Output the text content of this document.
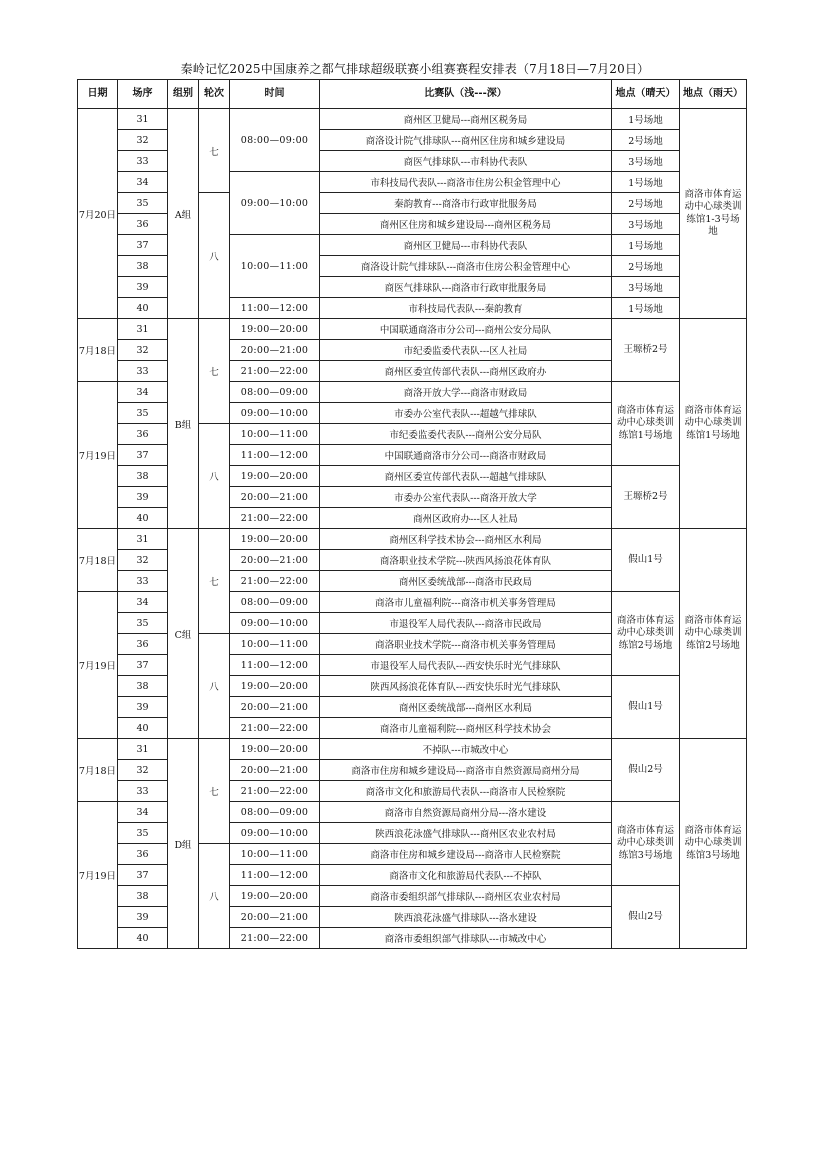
秦岭记忆2025中国康养之都气排球超级联赛小组赛赛程安排表（7月18日—7月20日）
日期	场序	组别	轮次	时间	比赛队（浅---深）	地点（晴天）	地点（雨天）
7月20日	31	A组	七	08:00—09:00	商州区卫健局---商州区税务局	1号场地	商洛市体育运动中心球类训练馆1-3号场地
	32				商洛设计院气排球队---商州区住房和城乡建设局	2号场地	
	33				商医气排球队---市科协代表队	3号场地	
	34			09:00—10:00	市科技局代表队---商洛市住房公积金管理中心	1号场地	
	35		八		秦韵教育---商洛市行政审批服务局	2号场地	
	36				商州区住房和城乡建设局---商州区税务局	3号场地	
	37			10:00—11:00	商州区卫健局---市科协代表队	1号场地	
	38				商洛设计院气排球队---商洛市住房公积金管理中心	2号场地	
	39				商医气排球队---商洛市行政审批服务局	3号场地	
	40			11:00—12:00	市科技局代表队---秦韵教育	1号场地	
7月18日	31	B组	七	19:00—20:00	中国联通商洛市分公司---商州公安分局队	王塬桥2号	商洛市体育运动中心球类训练馆1号场地
	32			20:00—21:00	市纪委监委代表队---区人社局		
	33			21:00—22:00	商州区委宣传部代表队---商州区政府办		
7月19日	34			08:00—09:00	商洛开放大学---商洛市财政局	商洛市体育运动中心球类训练馆1号场地	
	35			09:00—10:00	市委办公室代表队---超越气排球队		
	36		八	10:00—11:00	市纪委监委代表队---商州公安分局队		
	37			11:00—12:00	中国联通商洛市分公司---商洛市财政局		
	38			19:00—20:00	商州区委宣传部代表队---超越气排球队	王塬桥2号	
	39			20:00—21:00	市委办公室代表队---商洛开放大学		
	40			21:00—22:00	商州区政府办---区人社局		
7月18日	31	C组	七	19:00—20:00	商州区科学技术协会---商州区水利局	假山1号	商洛市体育运动中心球类训练馆2号场地
	32			20:00—21:00	商洛职业技术学院---陕西风扬浪花体育队		
	33			21:00—22:00	商州区委统战部---商洛市民政局		
7月19日	34			08:00—09:00	商洛市儿童福利院---商洛市机关事务管理局	商洛市体育运动中心球类训练馆2号场地	
	35			09:00—10:00	市退役军人局代表队---商洛市民政局		
	36		八	10:00—11:00	商洛职业技术学院---商洛市机关事务管理局		
	37			11:00—12:00	市退役军人局代表队---西安快乐时光气排球队		
	38			19:00—20:00	陕西风扬浪花体育队---西安快乐时光气排球队	假山1号	
	39			20:00—21:00	商州区委统战部---商州区水利局		
	40			21:00—22:00	商洛市儿童福利院---商州区科学技术协会		
7月18日	31	D组	七	19:00—20:00	不掉队---市城改中心	假山2号	商洛市体育运动中心球类训练馆3号场地
	32			20:00—21:00	商洛市住房和城乡建设局---商洛市自然资源局商州分局		
	33			21:00—22:00	商洛市文化和旅游局代表队---商洛市人民检察院		
7月19日	34			08:00—09:00	商洛市自然资源局商州分局---洛水建设	商洛市体育运动中心球类训练馆3号场地	
	35			09:00—10:00	陕西浪花泳盛气排球队---商州区农业农村局		
	36		八	10:00—11:00	商洛市住房和城乡建设局---商洛市人民检察院		
	37			11:00—12:00	商洛市文化和旅游局代表队---不掉队		
	38			19:00—20:00	商洛市委组织部气排球队---商州区农业农村局	假山2号	
	39			20:00—21:00	陕西浪花泳盛气排球队---洛水建设		
	40			21:00—22:00	商洛市委组织部气排球队---市城改中心		
